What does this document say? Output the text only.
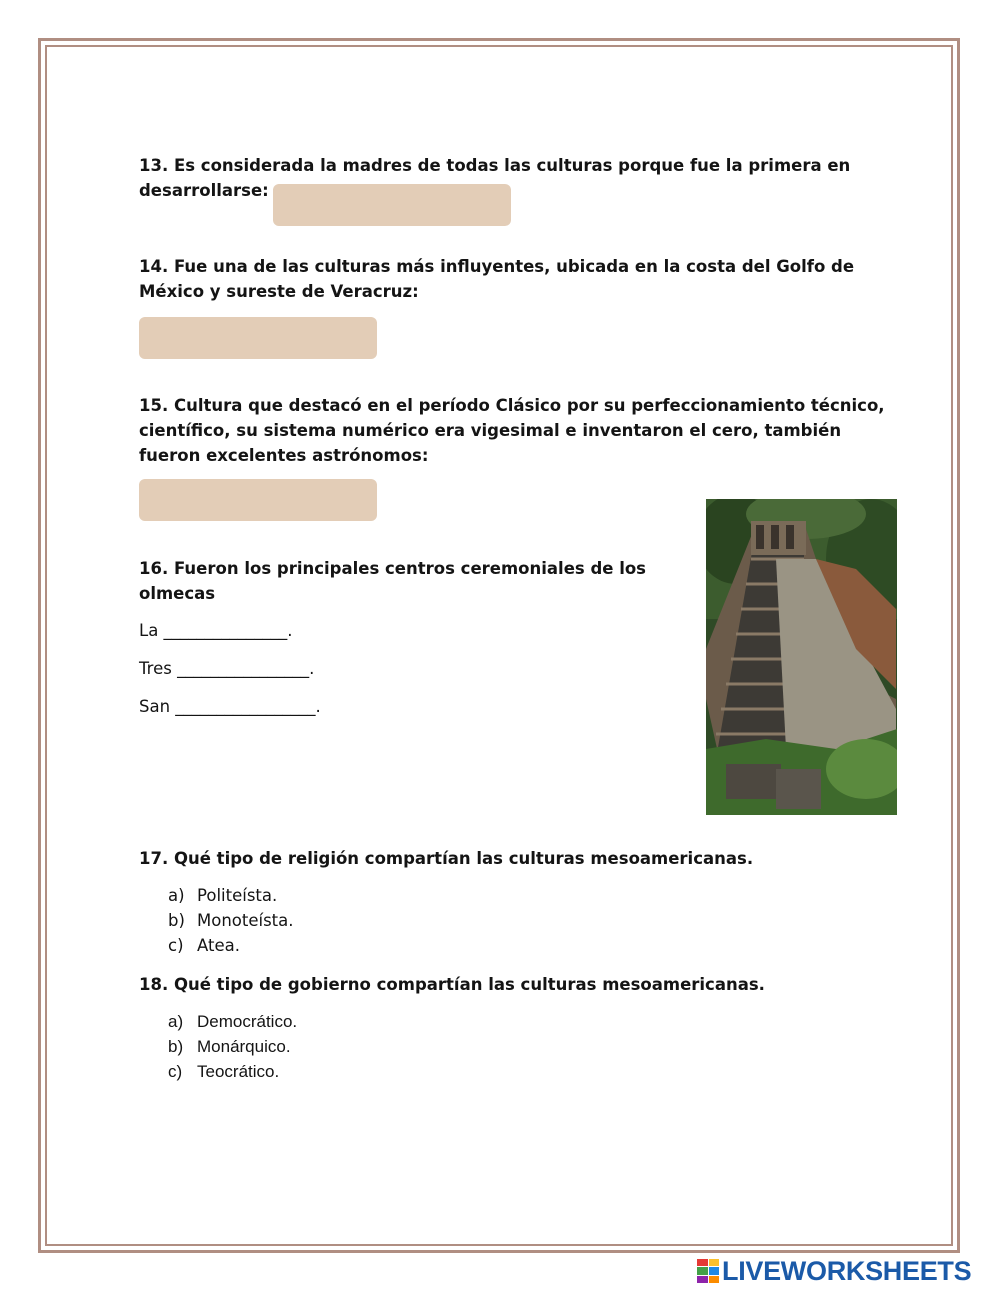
13. Es considerada la madres de todas las culturas porque fue la primera en
desarrollarse:
14. Fue una de las culturas más influyentes, ubicada en la costa del Golfo de
México y sureste de Veracruz:
15. Cultura que destacó en el período Clásico por su perfeccionamiento técnico,
científico, su sistema numérico era vigesimal e inventaron el cero, también
fueron excelentes astrónomos:
16. Fueron los principales centros ceremoniales de los
olmecas
La _______________.
Tres ________________.
San _________________.
17. Qué tipo de religión compartían las culturas mesoamericanas.
a) Politeísta.
b) Monoteísta.
c) Atea.
18. Qué tipo de gobierno compartían las culturas mesoamericanas.
a) Democrático.
b) Monárquico.
c) Teocrático.
LIVEWORKSHEETS
